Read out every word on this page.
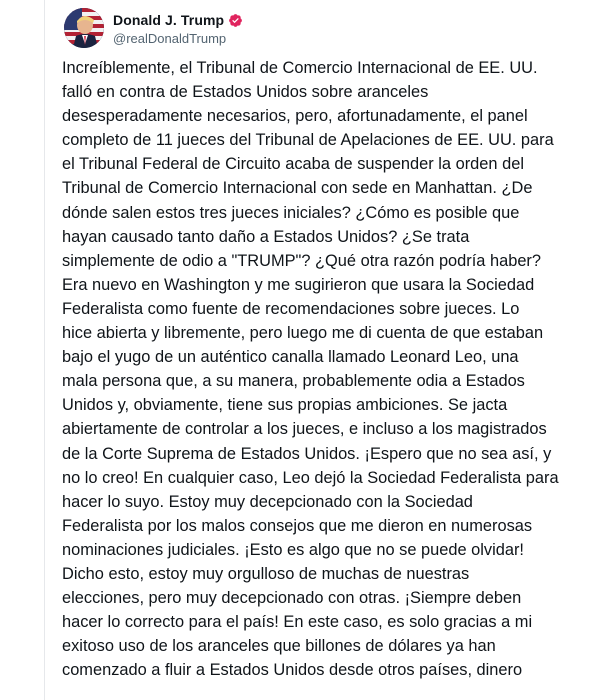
Donald J. Trump
@realDonaldTrump

Increíblemente, el Tribunal de Comercio Internacional de EE. UU.
falló en contra de Estados Unidos sobre aranceles
desesperadamente necesarios, pero, afortunadamente, el panel
completo de 11 jueces del Tribunal de Apelaciones de EE. UU. para
el Tribunal Federal de Circuito acaba de suspender la orden del
Tribunal de Comercio Internacional con sede en Manhattan. ¿De
dónde salen estos tres jueces iniciales? ¿Cómo es posible que
hayan causado tanto daño a Estados Unidos? ¿Se trata
simplemente de odio a "TRUMP"? ¿Qué otra razón podría haber?
Era nuevo en Washington y me sugirieron que usara la Sociedad
Federalista como fuente de recomendaciones sobre jueces. Lo
hice abierta y libremente, pero luego me di cuenta de que estaban
bajo el yugo de un auténtico canalla llamado Leonard Leo, una
mala persona que, a su manera, probablemente odia a Estados
Unidos y, obviamente, tiene sus propias ambiciones. Se jacta
abiertamente de controlar a los jueces, e incluso a los magistrados
de la Corte Suprema de Estados Unidos. ¡Espero que no sea así, y
no lo creo! En cualquier caso, Leo dejó la Sociedad Federalista para
hacer lo suyo. Estoy muy decepcionado con la Sociedad
Federalista por los malos consejos que me dieron en numerosas
nominaciones judiciales. ¡Esto es algo que no se puede olvidar!
Dicho esto, estoy muy orgulloso de muchas de nuestras
elecciones, pero muy decepcionado con otras. ¡Siempre deben
hacer lo correcto para el país! En este caso, es solo gracias a mi
exitoso uso de los aranceles que billones de dólares ya han
comenzado a fluir a Estados Unidos desde otros países, dinero
